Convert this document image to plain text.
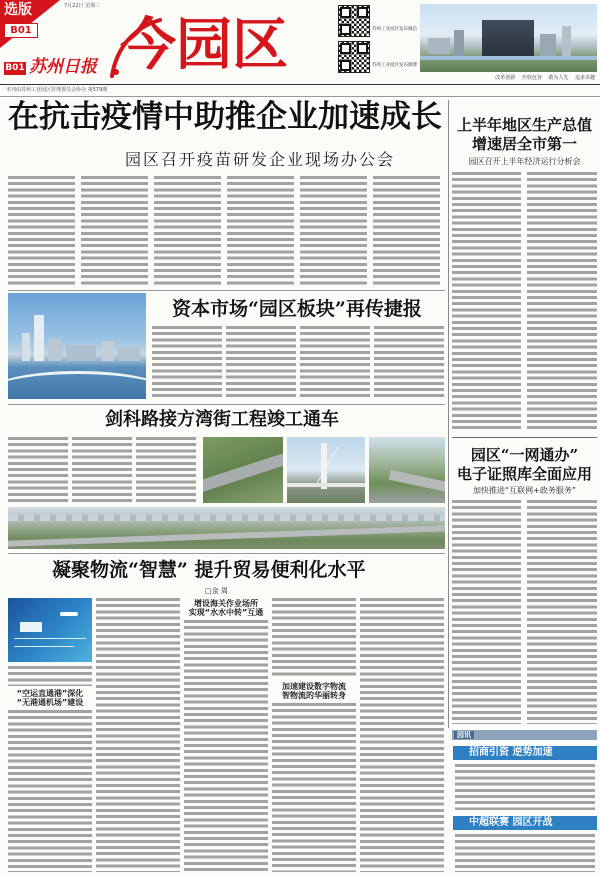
选版
B01
7月22日 星期三
B01 苏州日报 今园区	苏州工业园区发布微信
苏州工业园区发布微博
改革创新 开放包容 敢为人先 追求卓越
本刊由苏州工业园区管理委员会协办 第579期
在抗击疫情中助推企业加速成长
园区召开疫苗研发企业现场办公会
上半年地区生产总值
增速居全市第一
园区召开上半年经济运行分析会
资本市场“园区板块”再传捷报
剑科路接方湾街工程竣工通车
园区“一网通办”
电子证照库全面应用
加快推进“互联网+政务服务”
凝聚物流“智慧” 提升贸易便利化水平
□金 周
“空运直通港”深化
“无港通机场”建设
增设海关作业场所
实现“水水中转”互通
加速建设数字物流
智物流的华丽转身
园讯
招商引资 逆势加速
中超联赛 园区开战
